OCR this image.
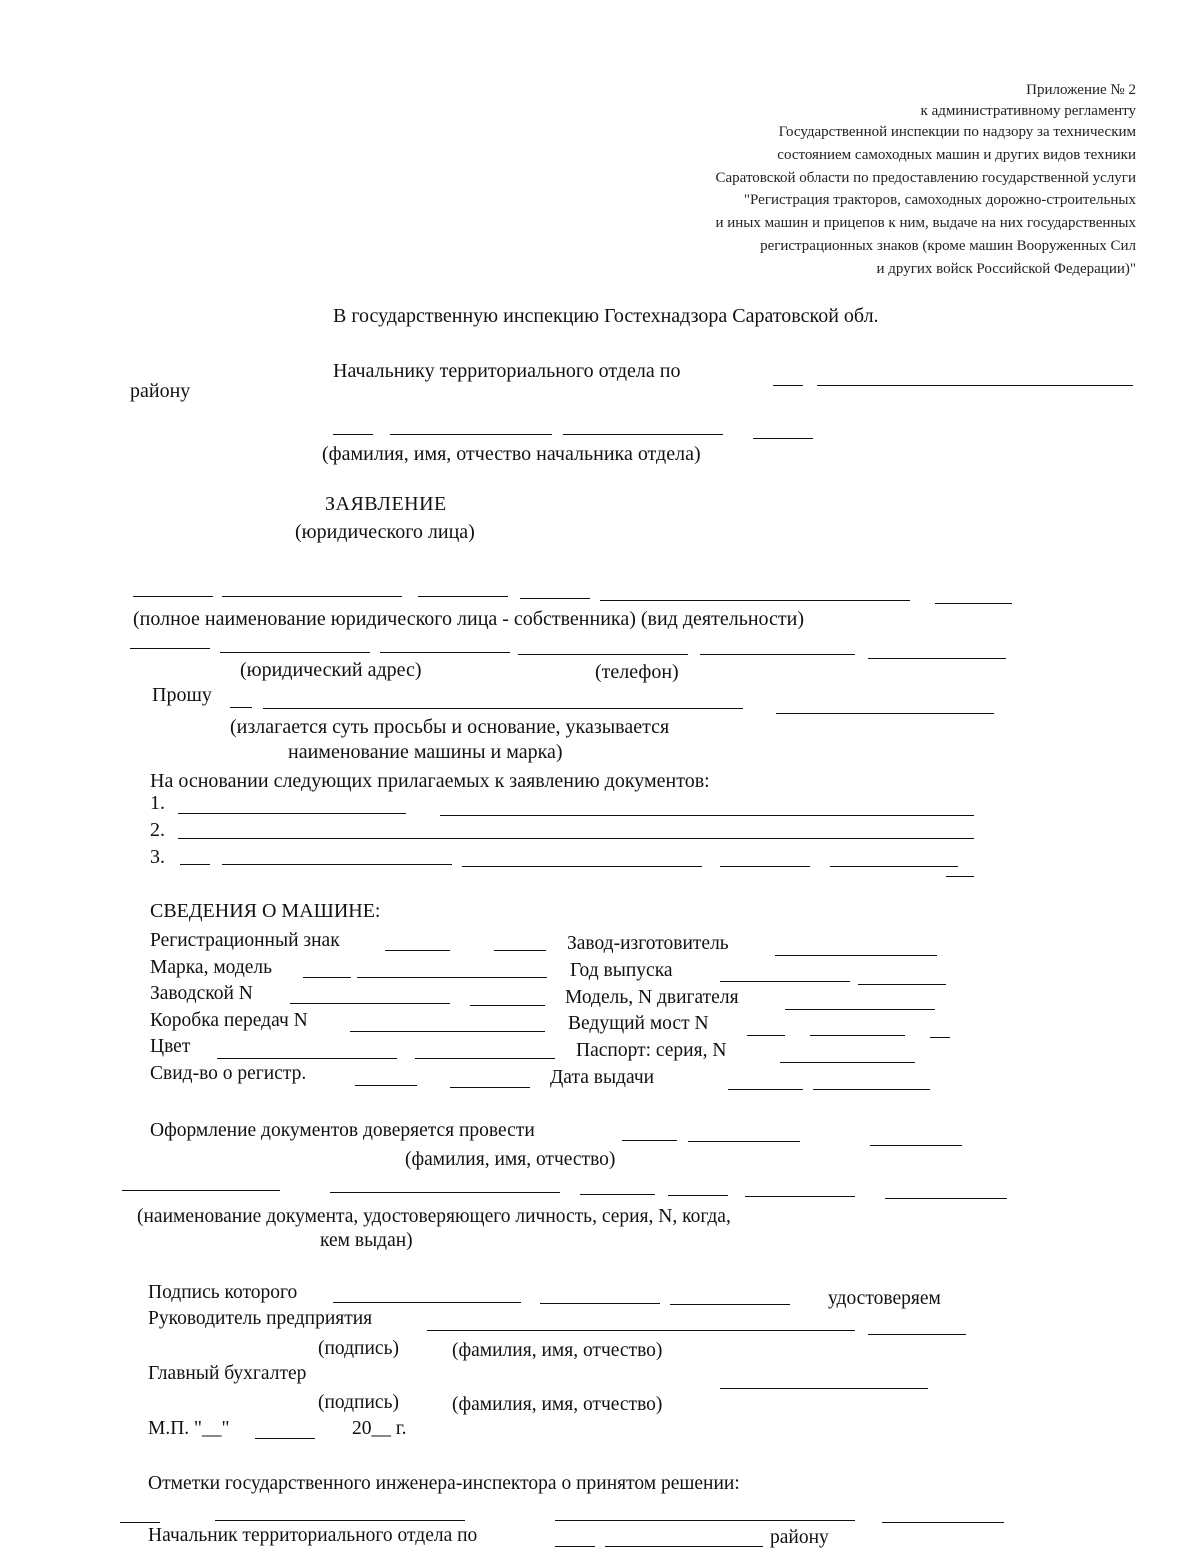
Приложение № 2
к административному регламенту
Государственной инспекции по надзору за техническим
состоянием самоходных машин и других видов техники
Саратовской области по предоставлению государственной услуги
"Регистрация тракторов, самоходных дорожно-строительных
и иных машин и прицепов к ним, выдаче на них государственных
регистрационных знаков (кроме машин Вооруженных Сил
и других войск Российской Федерации)"
В государственную инспекцию Гостехнадзора Саратовской обл.
Начальнику территориального отдела по
району
(фамилия, имя, отчество начальника отдела)
ЗАЯВЛЕНИЕ
(юридического лица)
(полное наименование юридического лица - собственника) (вид деятельности)
(юридический адрес)	(телефон)
Прошу
(излагается суть просьбы и основание, указывается
наименование машины и марка)
На основании следующих прилагаемых к заявлению документов:
1.
2.
3.
СВЕДЕНИЯ О МАШИНЕ:
Регистрационный знак	Завод-изготовитель
Марка, модель	Год выпуска
Заводской N	Модель, N двигателя
Коробка передач N	Ведущий мост N
Цвет	Паспорт: серия, N
Свид-во о регистр.	Дата выдачи
Оформление документов доверяется провести
(фамилия, имя, отчество)
(наименование документа, удостоверяющего личность, серия, N, когда,
кем выдан)
Подпись которого	удостоверяем
Руководитель предприятия
(подпись)	(фамилия, имя, отчество)
Главный бухгалтер
(подпись)	(фамилия, имя, отчество)
М.П. "__"	20__ г.
Отметки государственного инженера-инспектора о принятом решении:
Начальник территориального отдела по	району
